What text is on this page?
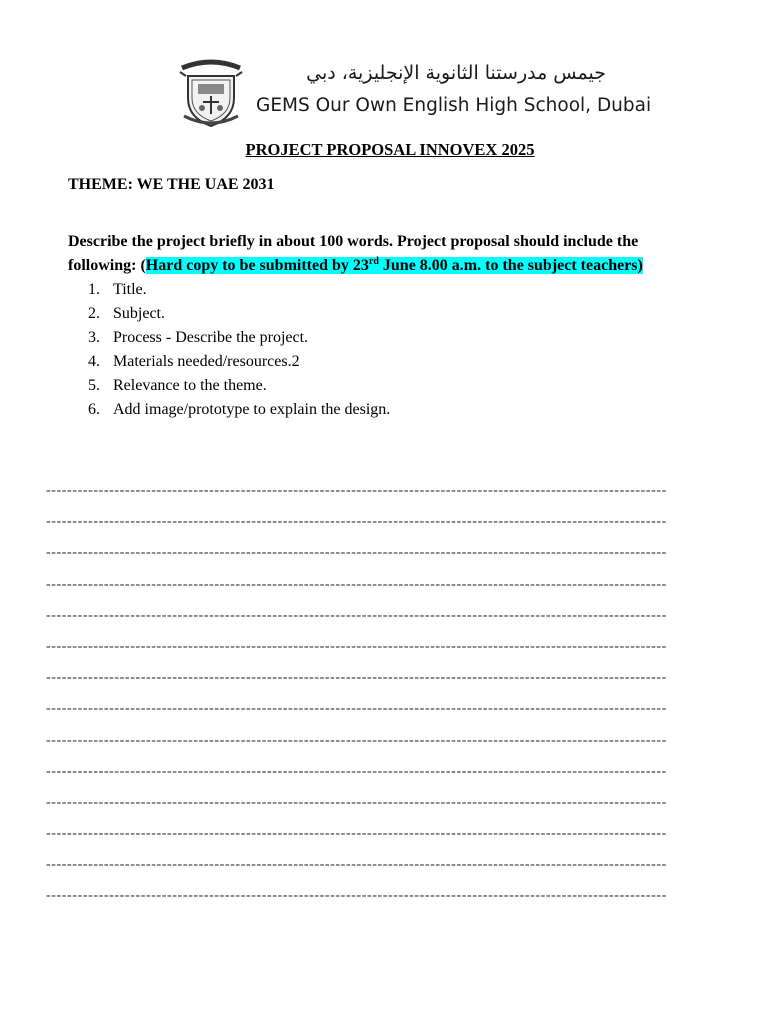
جيمس مدرستنا الثانوية الإنجليزية، دبي
GEMS Our Own English High School, Dubai
PROJECT PROPOSAL INNOVEX 2025
THEME: WE THE UAE 2031
Describe the project briefly in about 100 words. Project proposal should include the following: (Hard copy to be submitted by 23rd June 8.00 a.m. to the subject teachers)
1. Title.
2. Subject.
3. Process - Describe the project.
4. Materials needed/resources.2
5. Relevance to the theme.
6. Add image/prototype to explain the design.
----------------------------------------------------------------------------------------------------------------------
----------------------------------------------------------------------------------------------------------------------
----------------------------------------------------------------------------------------------------------------------
----------------------------------------------------------------------------------------------------------------------
----------------------------------------------------------------------------------------------------------------------
----------------------------------------------------------------------------------------------------------------------
----------------------------------------------------------------------------------------------------------------------
----------------------------------------------------------------------------------------------------------------------
----------------------------------------------------------------------------------------------------------------------
----------------------------------------------------------------------------------------------------------------------
----------------------------------------------------------------------------------------------------------------------
----------------------------------------------------------------------------------------------------------------------
----------------------------------------------------------------------------------------------------------------------
----------------------------------------------------------------------------------------------------------------------
